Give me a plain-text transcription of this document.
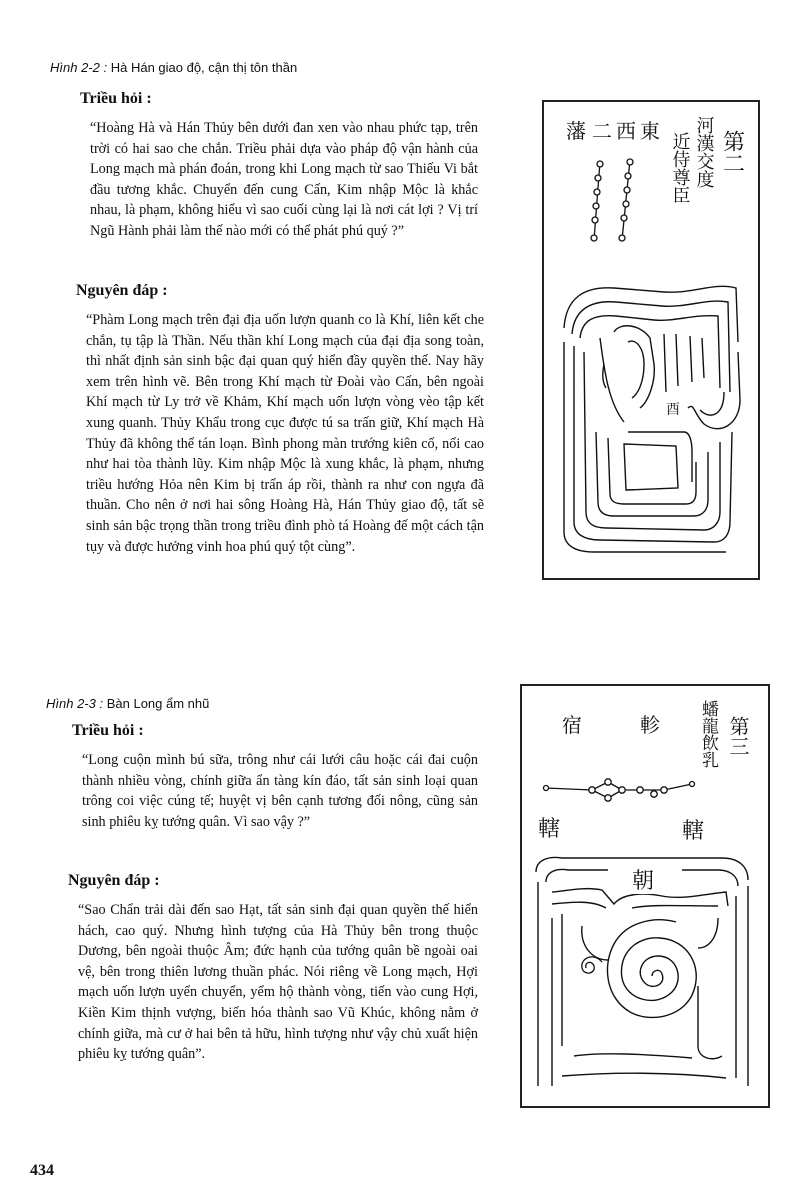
Hình 2-2 : Hà Hán giao độ, cận thị tôn thần
Triều hỏi :

“Hoàng Hà và Hán Thủy bên dưới đan xen vào nhau phức tạp, trên trời có hai sao che chắn. Triều phải dựa vào pháp độ vận hành của Long mạch mà phán đoán, trong khi Long mạch từ sao Thiếu Vi bắt đầu tương khắc. Chuyển đến cung Cấn, Kim nhập Mộc là khắc nhau, là phạm, không hiểu vì sao cuối cùng lại là nơi cát lợi ? Vị trí Ngũ Hành phải làm thế nào mới có thể phát phú quý ?”

Nguyên đáp :

“Phàm Long mạch trên đại địa uốn lượn quanh co là Khí, liên kết che chắn, tụ tập là Thần. Nếu thần khí Long mạch của đại địa song toàn, thì nhất định sản sinh bậc đại quan quý hiển đầy quyền thế. Nay hãy xem trên hình vẽ. Bên trong Khí mạch từ Đoài vào Cấn, bên ngoài Khí mạch từ Ly trở về Khảm, Khí mạch uốn lượn vòng vèo tập kết xung quanh. Thủy Khẩu trong cục được tú sa trấn giữ, Khí mạch Hà Thủy đã không thể tán loạn. Bình phong màn trướng kiên cố, nổi cao như hai tòa thành lũy. Kim nhập Mộc là xung khắc, là phạm, nhưng triều hướng Hỏa nên Kim bị trấn áp rồi, thành ra như con ngựa đã thuần. Cho nên ở nơi hai sông Hoàng Hà, Hán Thủy giao độ, tất sẽ sinh sản bậc trọng thần trong triều đình phò tá Hoàng đế một cách tận tụy và được hưởng vinh hoa phú quý tột cùng”.

第二
河漢交度
近侍尊臣
東
西
二
藩
酉
Hình 2-3 : Bàn Long ẩm nhũ
Triều hỏi :

“Long cuộn mình bú sữa, trông như cái lưới câu hoặc cái đai cuộn thành nhiều vòng, chính giữa ẩn tàng kín đáo, tất sản sinh loại quan trông coi việc cúng tế; huyệt vị bên cạnh tương đối nông, cũng sản sinh phiêu kỵ tướng quân. Vì sao vậy ?”

Nguyên đáp :

“Sao Chẩn trải dài đến sao Hạt, tất sản sinh đại quan quyền thế hiển hách, cao quý. Nhưng hình tượng của Hà Thủy bên trong thuộc Dương, bên ngoài thuộc Âm; đức hạnh của tướng quân bề ngoài oai vệ, bên trong thiên lương thuần phác. Nói riêng về Long mạch, Hợi mạch uốn lượn uyển chuyển, yểm hộ thành vòng, tiến vào cung Hợi, Kiền Kim thịnh vượng, biến hóa thành sao Vũ Khúc, không nằm ở chính giữa, mà cư ở hai bên tả hữu, hình tượng như vậy chủ xuất hiện phiêu kỵ tướng quân”.

第三
蟠龍飲乳
宿	軫
轄	轄
朝
434
